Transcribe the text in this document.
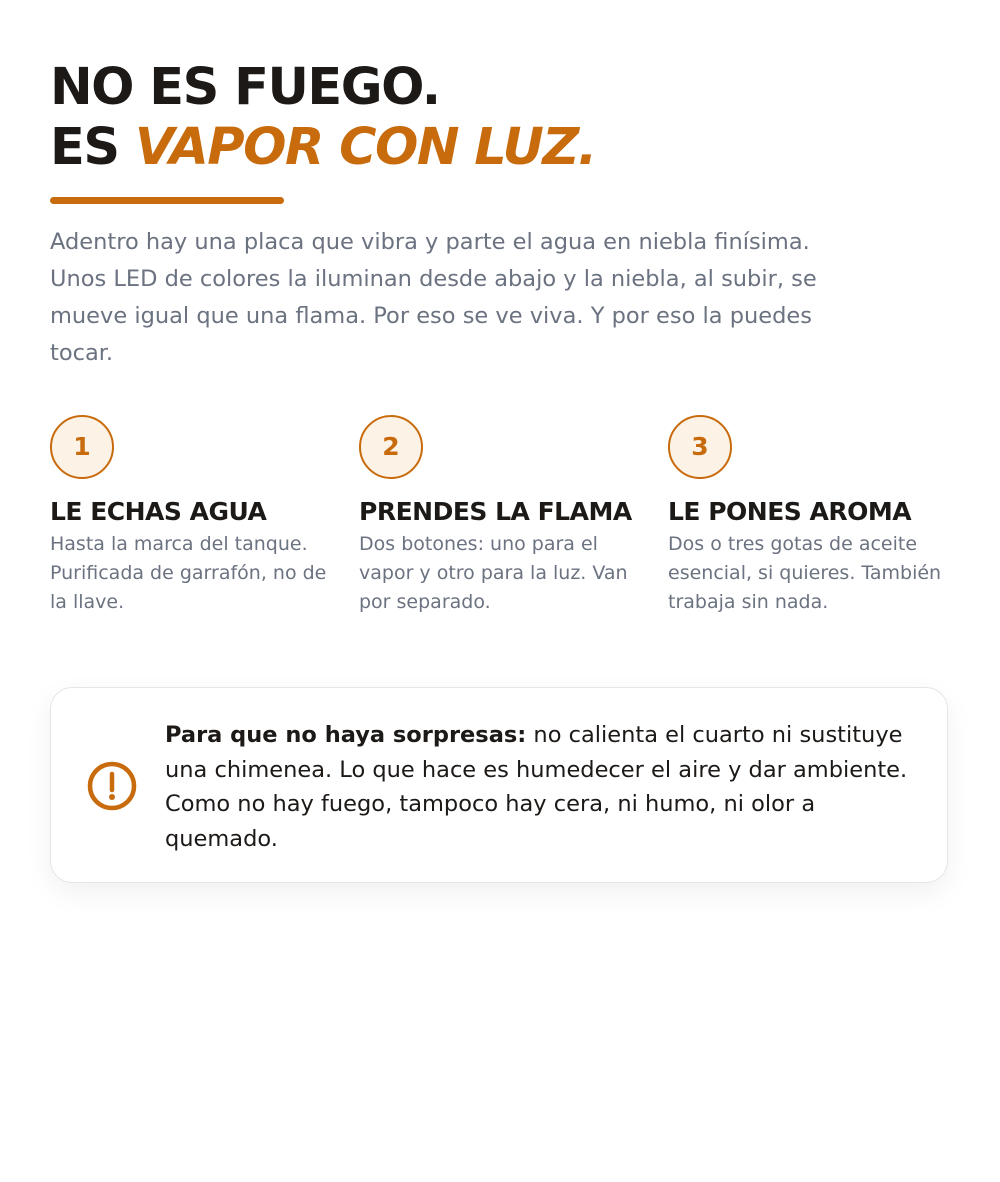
NO ES FUEGO.
ES VAPOR CON LUZ.

Adentro hay una placa que vibra y parte el agua en niebla finísima. Unos LED de colores la iluminan desde abajo y la niebla, al subir, se mueve igual que una flama. Por eso se ve viva. Y por eso la puedes tocar.

1
LE ECHAS AGUA

Hasta la marca del tanque. Purificada de garrafón, no de la llave.

2
PRENDES LA FLAMA

Dos botones: uno para el vapor y otro para la luz. Van por separado.

3
LE PONES AROMA

Dos o tres gotas de aceite esencial, si quieres. También trabaja sin nada.

Para que no haya sorpresas: no calienta el cuarto ni sustituye una chimenea. Lo que hace es humedecer el aire y dar ambiente. Como no hay fuego, tampoco hay cera, ni humo, ni olor a quemado.
